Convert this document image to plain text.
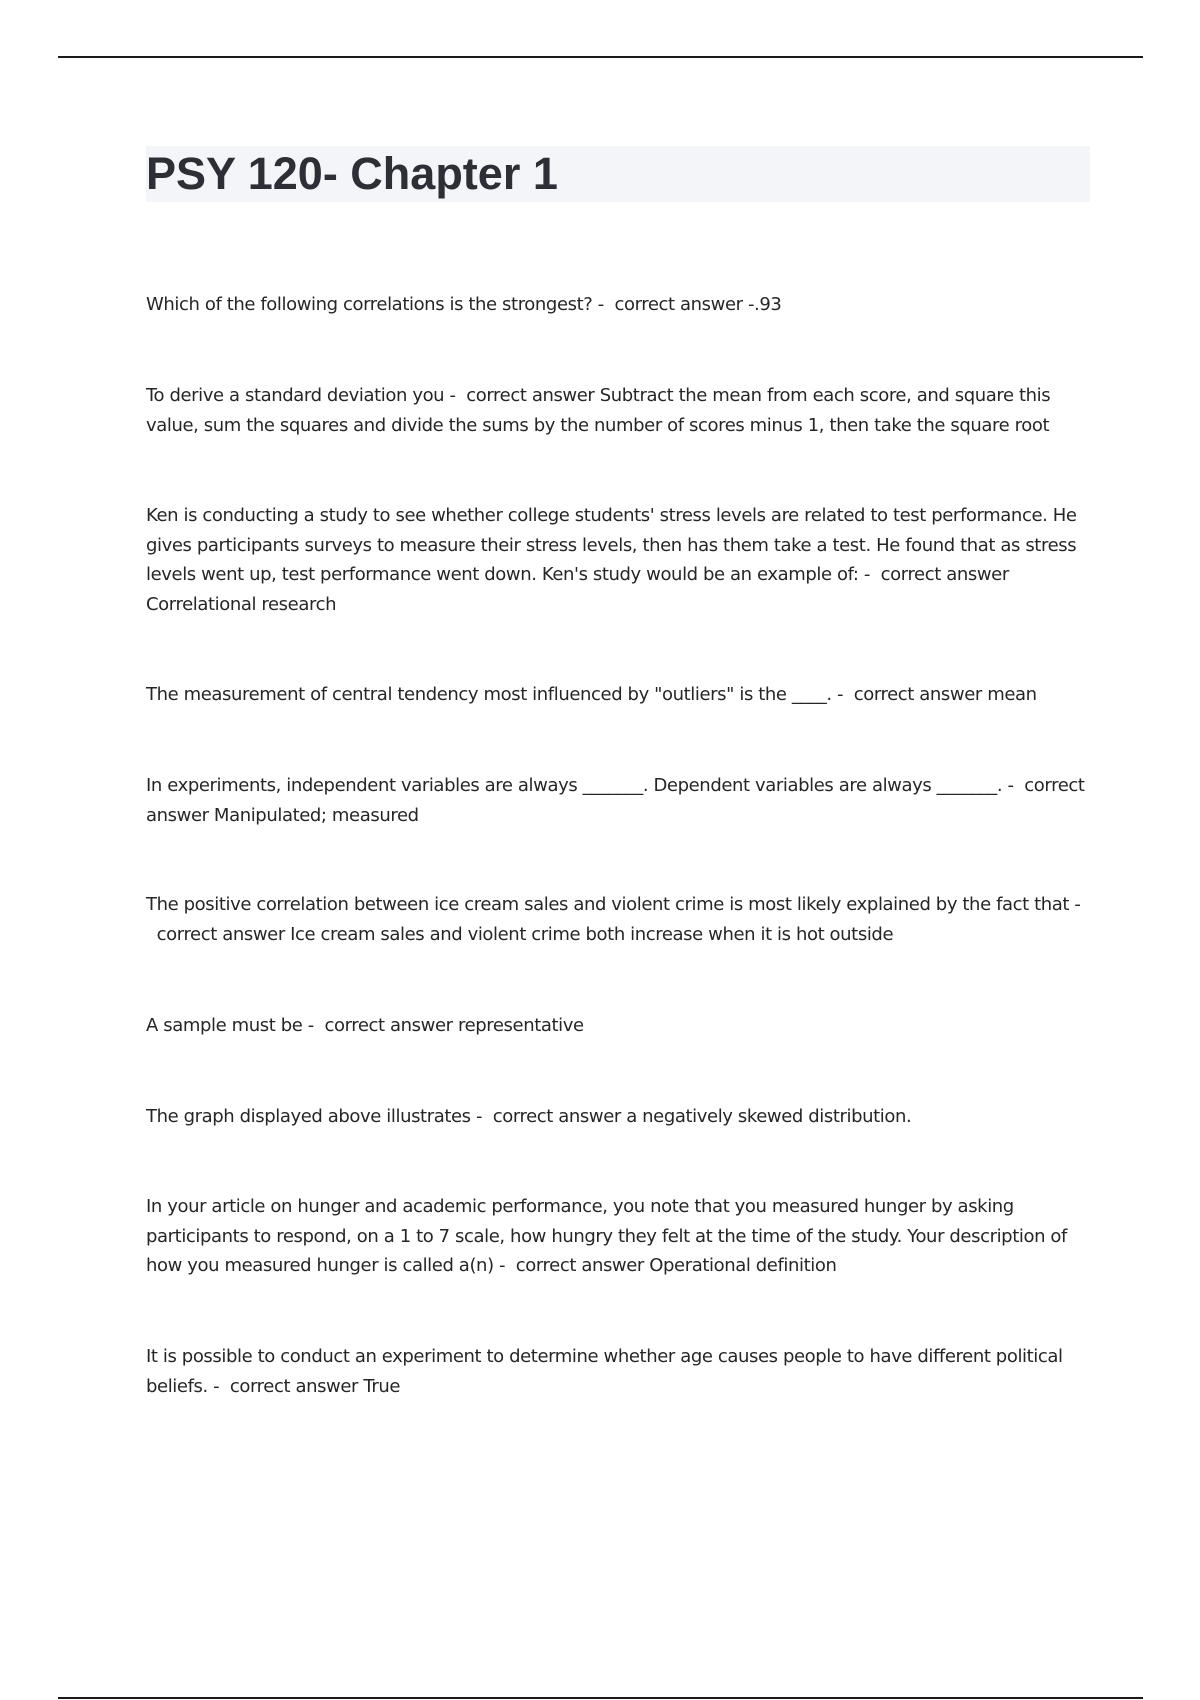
PSY 120- Chapter 1

Which of the following correlations is the strongest? - correct answer -.93

To derive a standard deviation you - correct answer Subtract the mean from each score, and square this value, sum the squares and divide the sums by the number of scores minus 1, then take the square root

Ken is conducting a study to see whether college students' stress levels are related to test performance. He gives participants surveys to measure their stress levels, then has them take a test. He found that as stress levels went up, test performance went down. Ken's study would be an example of: - correct answer Correlational research

The measurement of central tendency most influenced by "outliers" is the ____. - correct answer mean

In experiments, independent variables are always _______. Dependent variables are always _______. - correct answer Manipulated; measured

The positive correlation between ice cream sales and violent crime is most likely explained by the fact that -  correct answer Ice cream sales and violent crime both increase when it is hot outside

A sample must be - correct answer representative

The graph displayed above illustrates - correct answer a negatively skewed distribution.

In your article on hunger and academic performance, you note that you measured hunger by asking participants to respond, on a 1 to 7 scale, how hungry they felt at the time of the study. Your description of how you measured hunger is called a(n) - correct answer Operational definition

It is possible to conduct an experiment to determine whether age causes people to have different political beliefs. - correct answer True
